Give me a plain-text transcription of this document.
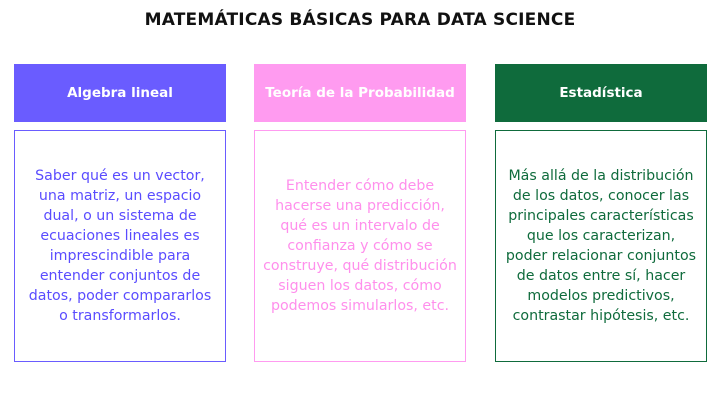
MATEMÁTICAS BÁSICAS PARA DATA SCIENCE
Algebra lineal
Saber qué es un vector, una matriz, un espacio dual, o un sistema de ecuaciones lineales es imprescindible para entender conjuntos de datos, poder compararlos o transformarlos.
Teoría de la Probabilidad
Entender cómo debe hacerse una predicción, qué es un intervalo de confianza y cómo se construye, qué distribución siguen los datos, cómo podemos simularlos, etc.
Estadística
Más allá de la distribución de los datos, conocer las principales características que los caracterizan, poder relacionar conjuntos de datos entre sí, hacer modelos predictivos, contrastar hipótesis, etc.
